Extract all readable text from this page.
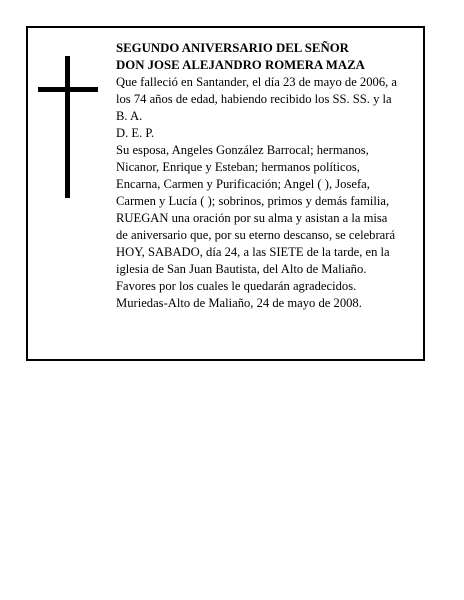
SEGUNDO ANIVERSARIO DEL SEÑOR
DON JOSE ALEJANDRO ROMERA MAZA
Que falleció en Santander, el día 23 de mayo de 2006, a
los 74 años de edad, habiendo recibido los SS. SS. y la
B. A.
D. E. P.
Su esposa, Angeles González Barrocal; hermanos,
Nicanor, Enrique y Esteban; hermanos políticos,
Encarna, Carmen y Purificación; Angel ( ), Josefa,
Carmen y Lucía ( ); sobrinos, primos y demás familia,
RUEGAN una oración por su alma y asistan a la misa
de aniversario que, por su eterno descanso, se celebrará
HOY, SABADO, día 24, a las SIETE de la tarde, en la
iglesia de San Juan Bautista, del Alto de Maliaño.
Favores por los cuales le quedarán agradecidos.
Muriedas-Alto de Maliaño, 24 de mayo de 2008.
